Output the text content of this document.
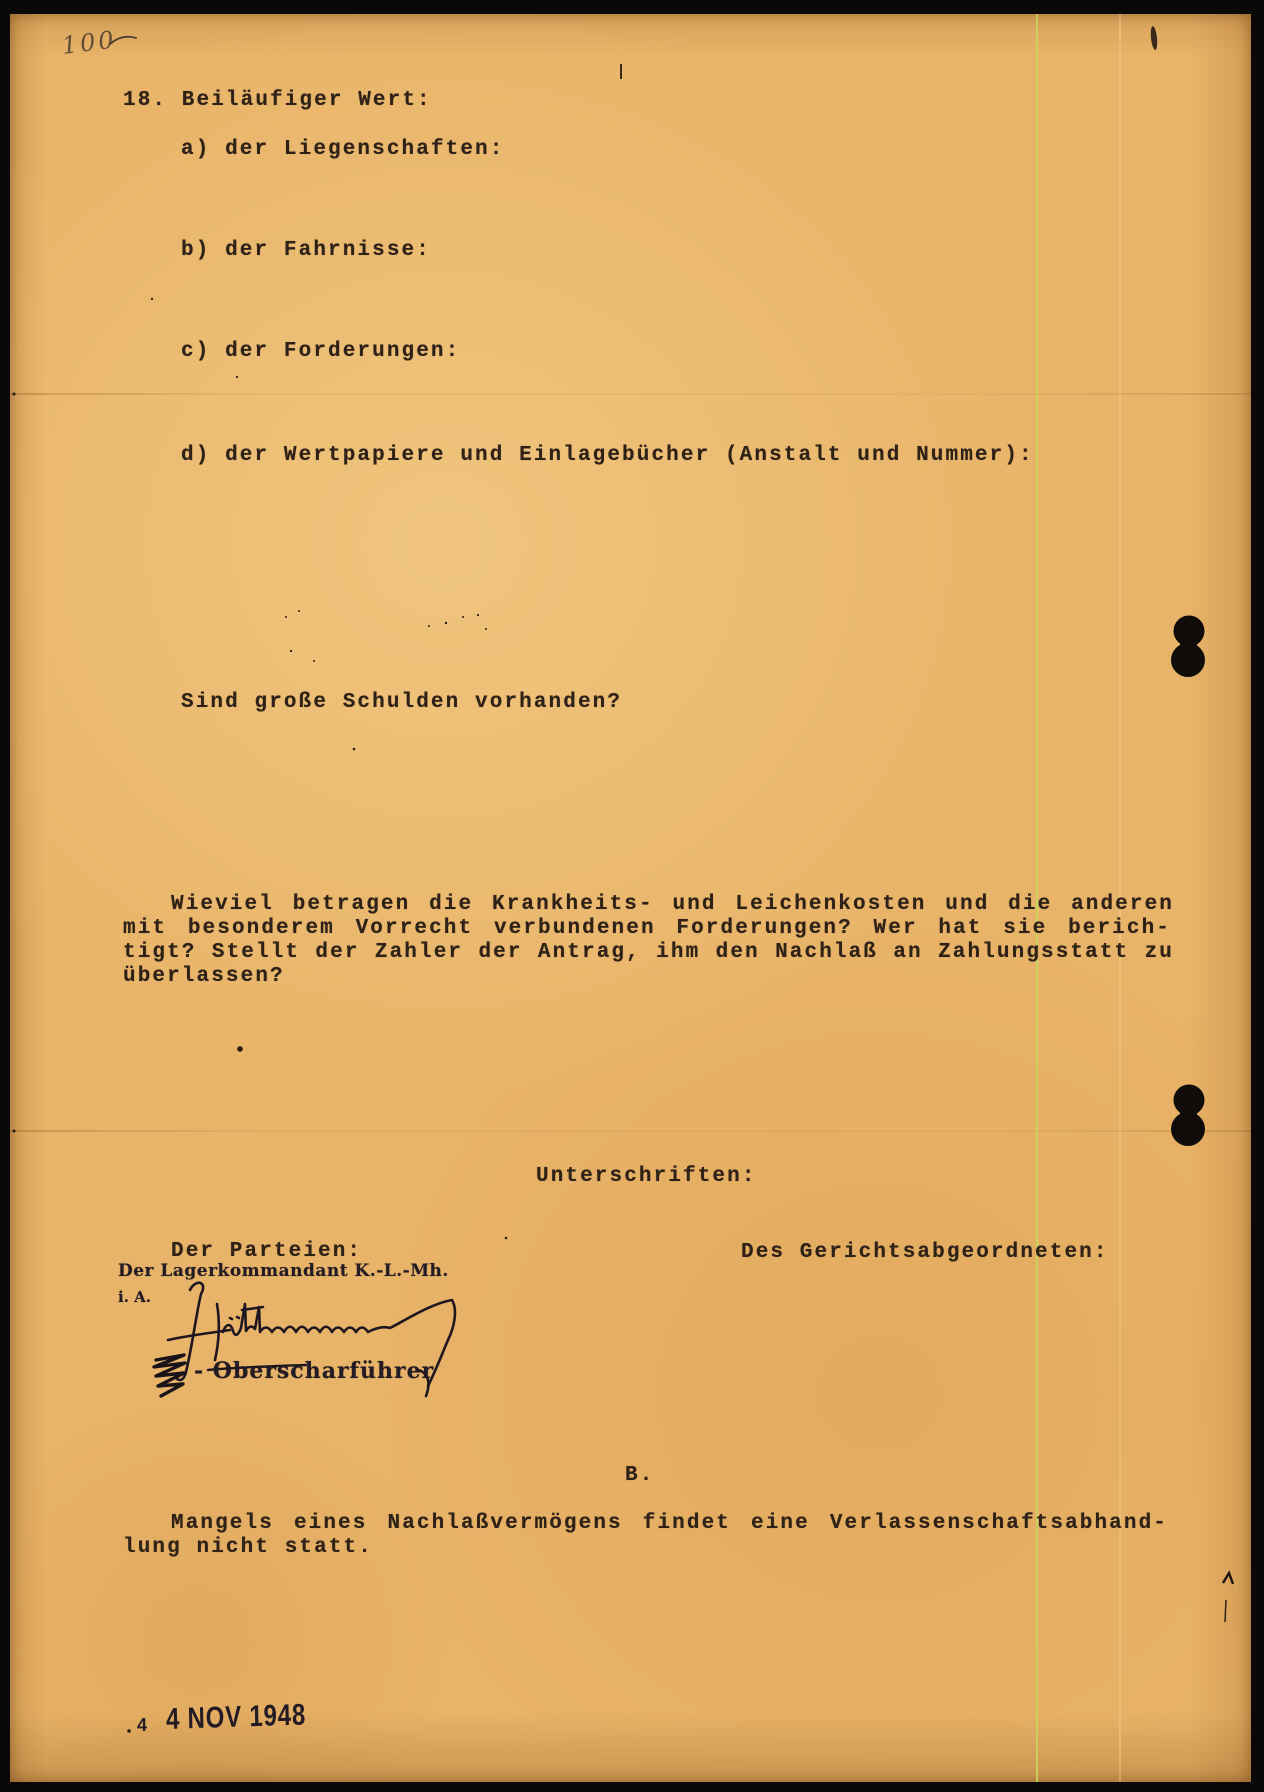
100
18. Beiläufiger Wert:
a) der Liegenschaften:
b) der Fahrnisse:
c) der Forderungen:
d) der Wertpapiere und Einlagebücher (Anstalt und Nummer):
Sind große Schulden vorhanden?
Wieviel betragen die Krankheits- und Leichenkosten und die anderen
mit besonderem Vorrecht verbundenen Forderungen? Wer hat sie berich-
tigt? Stellt der Zahler der Antrag, ihm den Nachlaß an Zahlungsstatt zu
überlassen?
Unterschriften:
Der Parteien:	Des Gerichtsabgeordneten:
Der Lagerkommandant K.-L.-Mh.
i. A.
- Oberscharführer
B.
Mangels eines Nachlaßvermögens findet eine Verlassenschaftsabhand-
lung nicht statt.
4 4 NOV 1948
